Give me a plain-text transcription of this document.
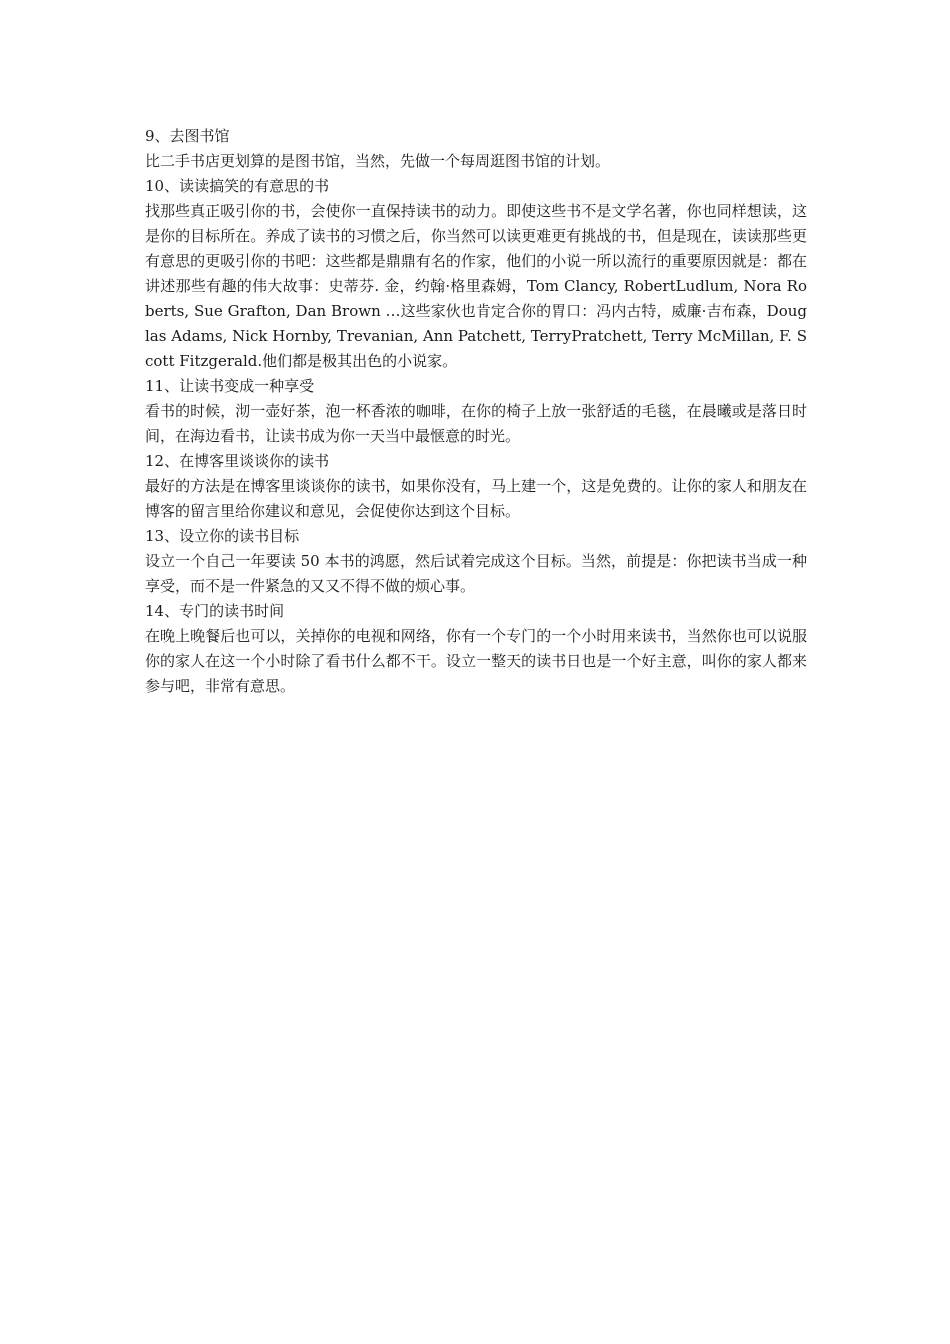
9、去图书馆

比二手书店更划算的是图书馆，当然，先做一个每周逛图书馆的计划。

10、读读搞笑的有意思的书

找那些真正吸引你的书，会使你一直保持读书的动力。即使这些书不是文学名著，你也同样想读，这是你的目标所在。养成了读书的习惯之后，你当然可以读更难更有挑战的书，但是现在，读读那些更有意思的更吸引你的书吧：这些都是鼎鼎有名的作家，他们的小说一所以流行的重要原因就是：都在讲述那些有趣的伟大故事：史蒂芬. 金，约翰·格里森姆，Tom Clancy, RobertLudlum, Nora Roberts, Sue Grafton, Dan Brown …这些家伙也肯定合你的胃口：冯内古特，威廉·吉布森，Douglas Adams, Nick Hornby, Trevanian, Ann Patchett, TerryPratchett, Terry McMillan, F. Scott Fitzgerald.他们都是极其出色的小说家。

11、让读书变成一种享受

看书的时候，沏一壶好茶，泡一杯香浓的咖啡，在你的椅子上放一张舒适的毛毯，在晨曦或是落日时间，在海边看书，让读书成为你一天当中最惬意的时光。

12、在博客里谈谈你的读书

最好的方法是在博客里谈谈你的读书，如果你没有，马上建一个，这是免费的。让你的家人和朋友在博客的留言里给你建议和意见，会促使你达到这个目标。

13、设立你的读书目标

设立一个自己一年要读 50 本书的鸿愿，然后试着完成这个目标。当然，前提是：你把读书当成一种享受，而不是一件紧急的又又不得不做的烦心事。

14、专门的读书时间

在晚上晚餐后也可以，关掉你的电视和网络，你有一个专门的一个小时用来读书，当然你也可以说服你的家人在这一个小时除了看书什么都不干。设立一整天的读书日也是一个好主意，叫你的家人都来参与吧，非常有意思。
